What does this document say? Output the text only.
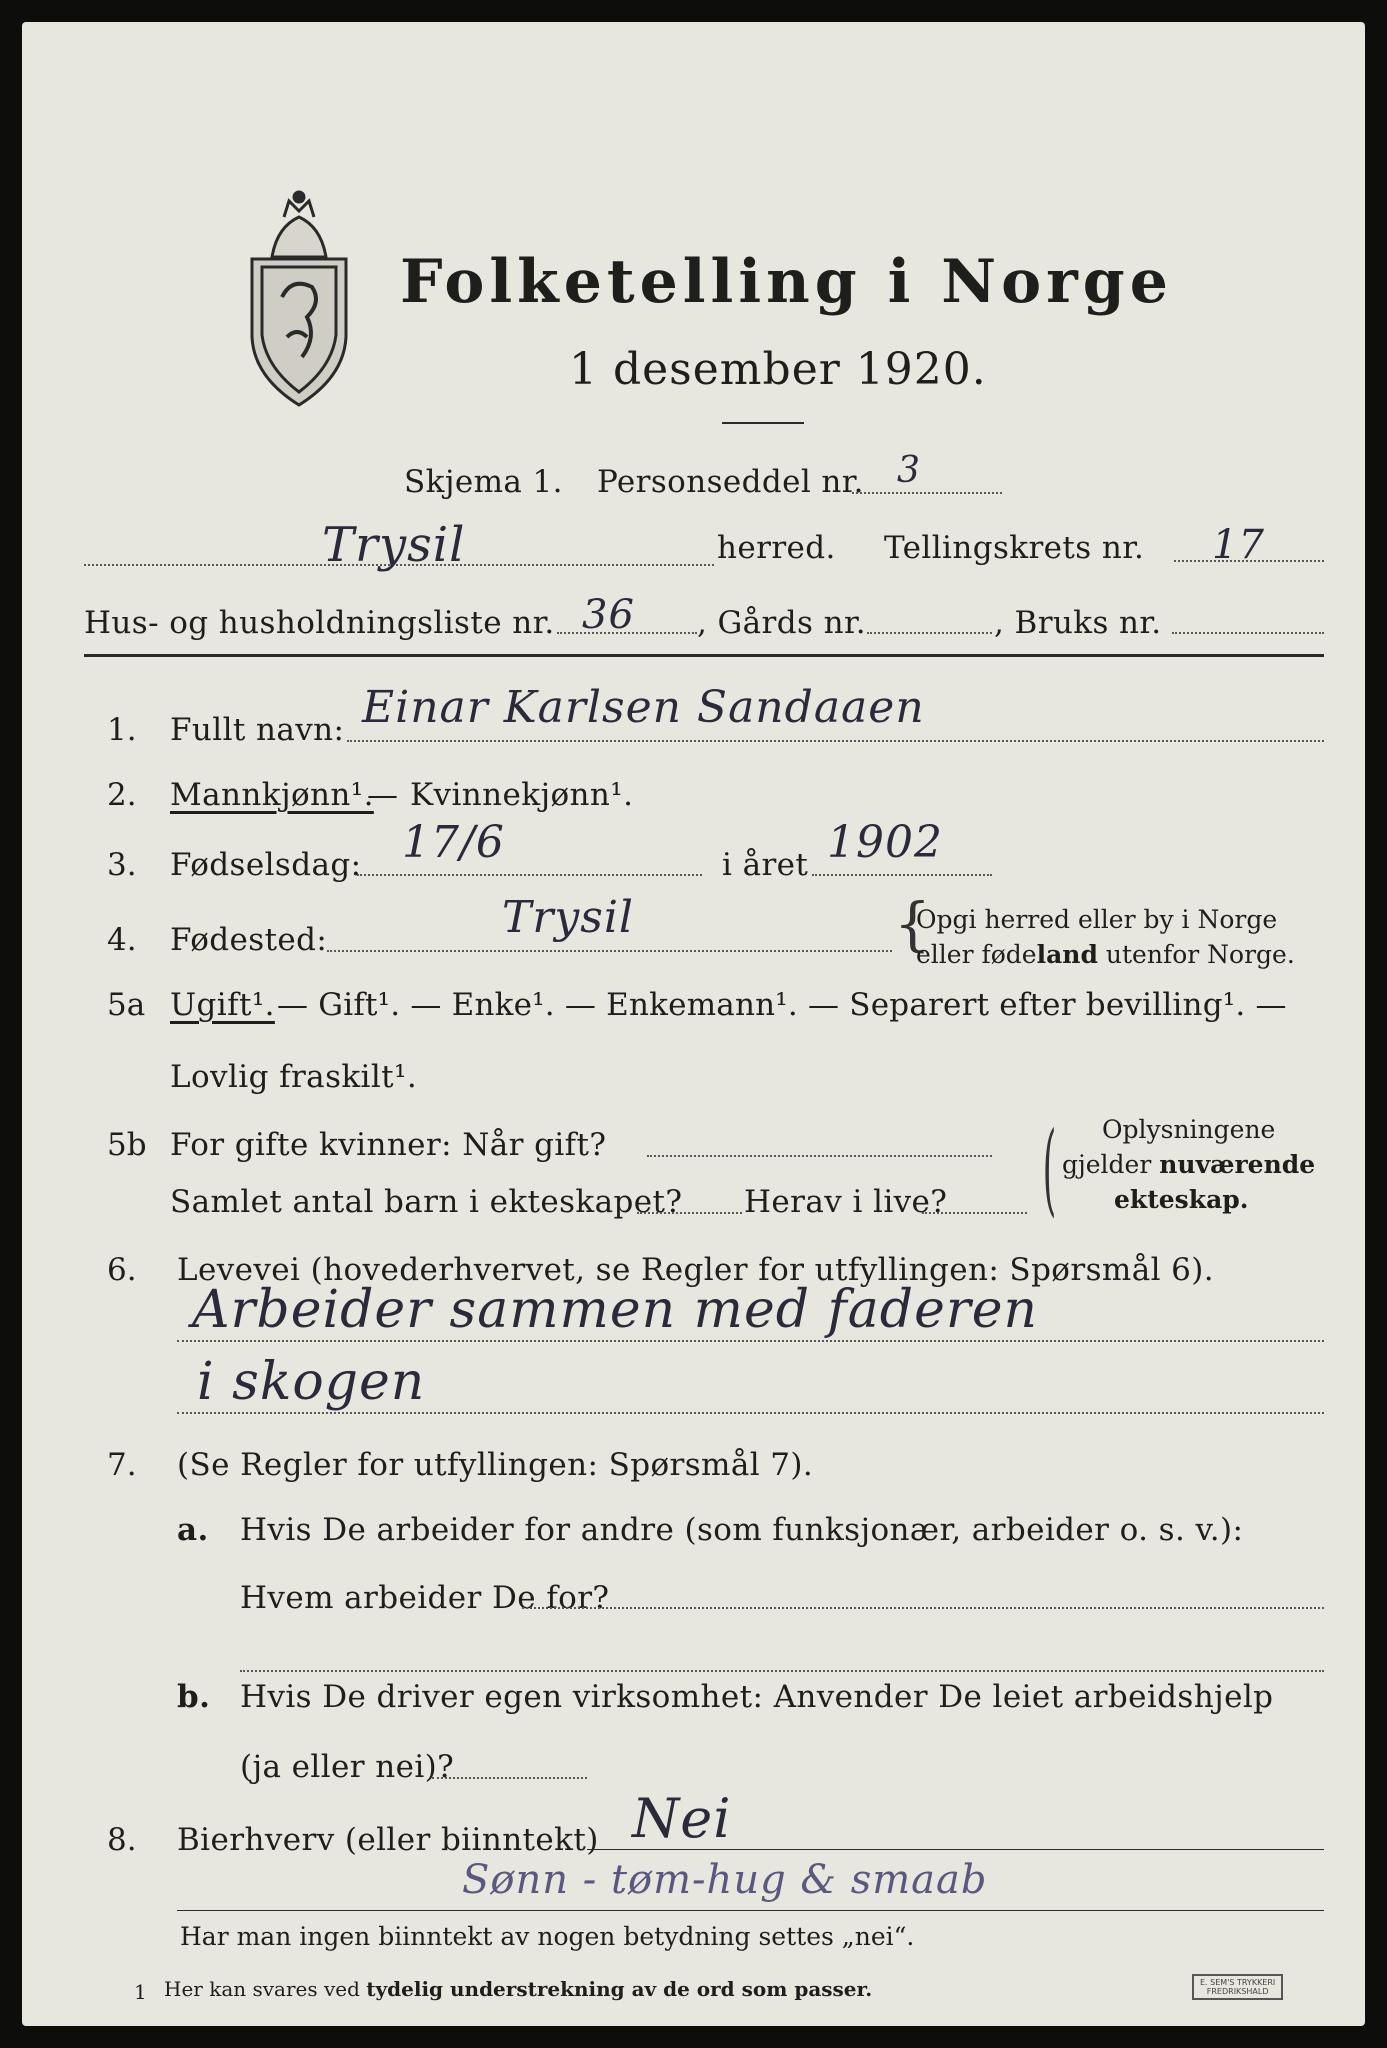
Folketelling i Norge
1 desember 1920.
Skjema 1. Personseddel nr. 3
Trysil	herred. Tellingskrets nr. 17
Hus- og husholdningsliste nr. 36 , Gårds nr.	, Bruks nr.
1. Fullt navn: Einar Karlsen Sandaaen
2. Mannkjønn¹.
— Kvinnekjønn¹.
3. Fødselsdag: 17/6	i året 1902
4. Fødested:	Trysil	{
Opgi herred eller by i Norge
eller fødeland utenfor Norge.
5a Ugift¹. — Gift¹. — Enke¹. — Enkemann¹. — Separert efter bevilling¹. —
Lovlig fraskilt¹.
5b For gifte kvinner: Når gift?
Samlet antal barn i ekteskapet? Herav i live? ( Oplysningene
gjelder nuværende
ekteskap.
6. Levevei (hovederhvervet, se Regler for utfyllingen: Spørsmål 6).
Arbeider sammen med faderen
i skogen
7. (Se Regler for utfyllingen: Spørsmål 7).
a. Hvis De arbeider for andre (som funksjonær, arbeider o. s. v.):
Hvem arbeider De for?
b. Hvis De driver egen virksomhet: Anvender De leiet arbeidshjelp
(ja eller nei)?
8. Bierhverv (eller biinntekt) Nei
Sønn - tøm-hug & smaab
Har man ingen biinntekt av nogen betydning settes „nei“.
1 Her kan svares ved tydelig understrekning av de ord som passer.	E. SEM'S TRYKKERI
FREDRIKSHALD
